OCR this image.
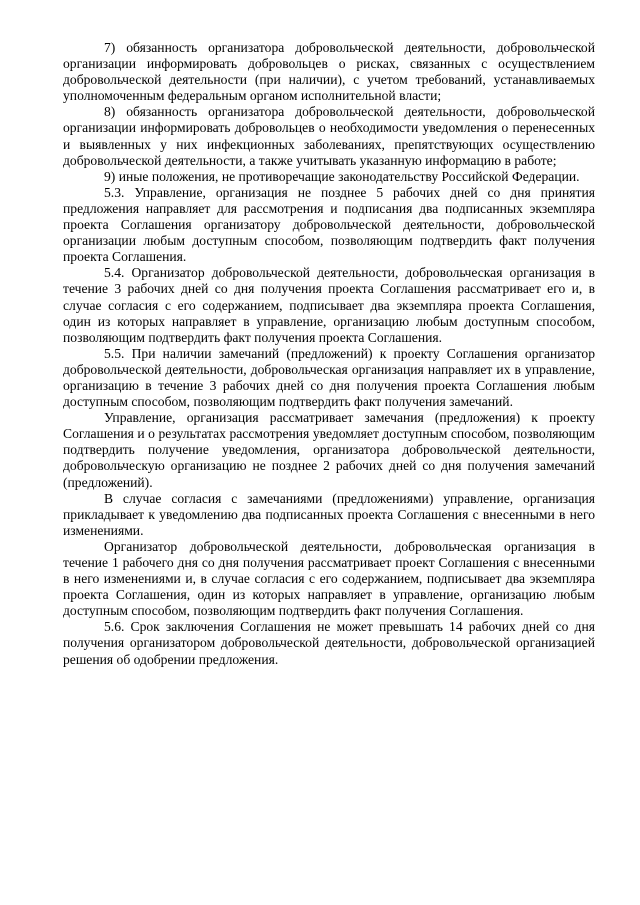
7) обязанность организатора добровольческой деятельности, добровольческой организации информировать добровольцев о рисках, связанных с осуществлением добровольческой деятельности (при наличии), с учетом требований, устанавливаемых уполномоченным федеральным органом исполнительной власти;

8) обязанность организатора добровольческой деятельности, добровольческой организации информировать добровольцев о необходимости уведомления о перенесенных и выявленных у них инфекционных заболеваниях, препятствующих осуществлению добровольческой деятельности, а также учитывать указанную информацию в работе;

9) иные положения, не противоречащие законодательству Российской Федерации.

5.3. Управление, организация не позднее 5 рабочих дней со дня принятия предложения направляет для рассмотрения и подписания два подписанных экземпляра проекта Соглашения организатору добровольческой деятельности, добровольческой организации любым доступным способом, позволяющим подтвердить факт получения проекта Соглашения.

5.4. Организатор добровольческой деятельности, добровольческая организация в течение 3 рабочих дней со дня получения проекта Соглашения рассматривает его и, в случае согласия с его содержанием, подписывает два экземпляра проекта Соглашения, один из которых направляет в управление, организацию любым доступным способом, позволяющим подтвердить факт получения проекта Соглашения.

5.5. При наличии замечаний (предложений) к проекту Соглашения организатор добровольческой деятельности, добровольческая организация направляет их в управление, организацию в течение 3 рабочих дней со дня получения проекта Соглашения любым доступным способом, позволяющим подтвердить факт получения замечаний.

Управление, организация рассматривает замечания (предложения) к проекту Соглашения и о результатах рассмотрения уведомляет доступным способом, позволяющим подтвердить получение уведомления, организатора добровольческой деятельности, добровольческую организацию не позднее 2 рабочих дней со дня получения замечаний (предложений).

В случае согласия с замечаниями (предложениями) управление, организация прикладывает к уведомлению два подписанных проекта Соглашения с внесенными в него изменениями.

Организатор добровольческой деятельности, добровольческая организация в течение 1 рабочего дня со дня получения рассматривает проект Соглашения с внесенными в него изменениями и, в случае согласия с его содержанием, подписывает два экземпляра проекта Соглашения, один из которых направляет в управление, организацию любым доступным способом, позволяющим подтвердить факт получения Соглашения.

5.6. Срок заключения Соглашения не может превышать 14 рабочих дней со дня получения организатором добровольческой деятельности, добровольческой организацией решения об одобрении предложения.
